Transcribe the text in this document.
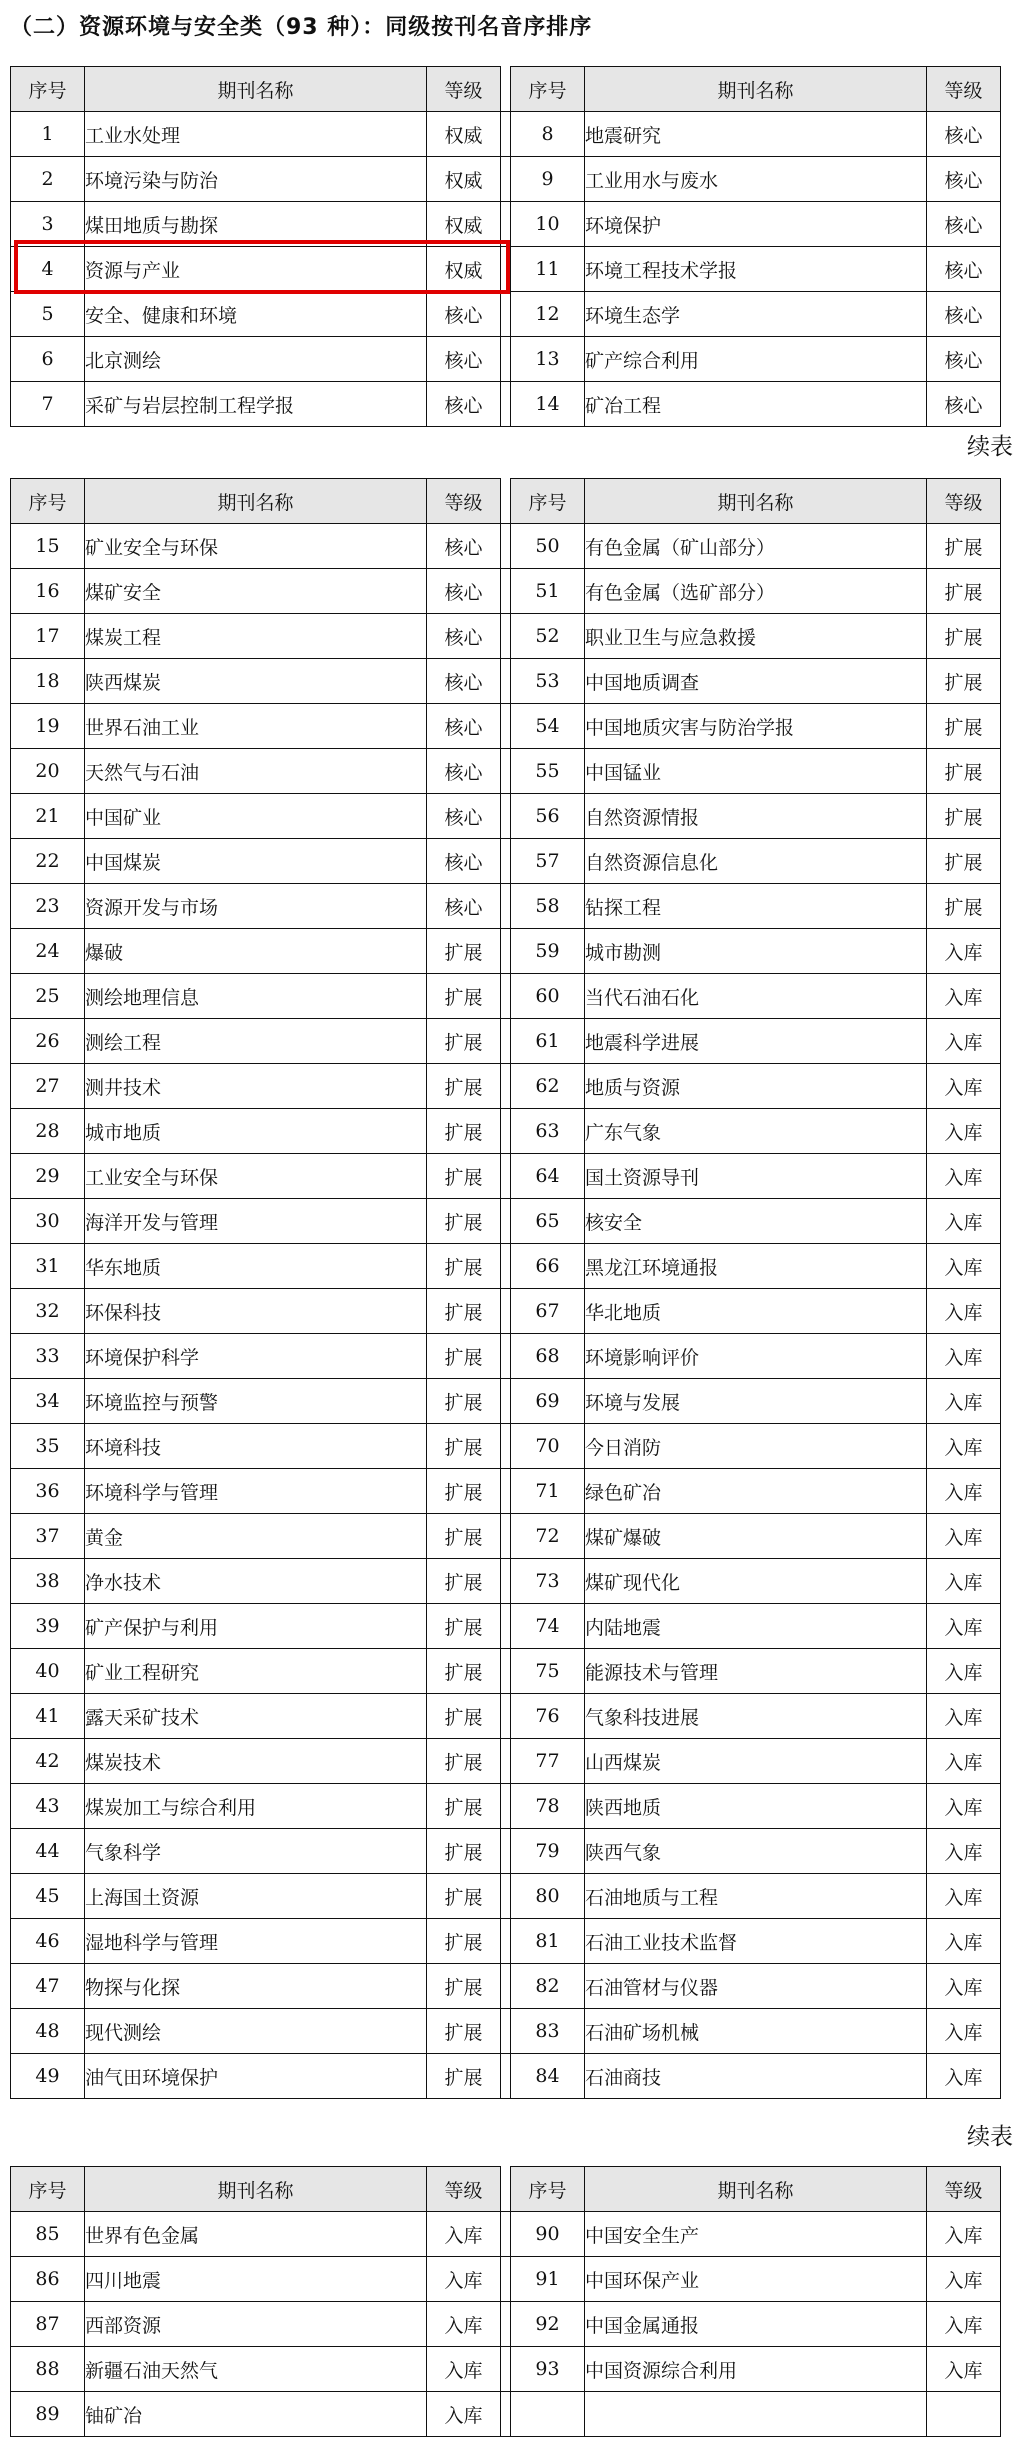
（二）资源环境与安全类（93 种）：同级按刊名音序排序
序号	期刊名称	等级		序号	期刊名称	等级
1	工业水处理	权威		8	地震研究	核心
2	环境污染与防治	权威		9	工业用水与废水	核心
3	煤田地质与勘探	权威		10	环境保护	核心
4	资源与产业	权威		11	环境工程技术学报	核心
5	安全、健康和环境	核心		12	环境生态学	核心
6	北京测绘	核心		13	矿产综合利用	核心
7	采矿与岩层控制工程学报	核心		14	矿冶工程	核心
续表
序号	期刊名称	等级		序号	期刊名称	等级
15	矿业安全与环保	核心		50	有色金属（矿山部分）	扩展
16	煤矿安全	核心		51	有色金属（选矿部分）	扩展
17	煤炭工程	核心		52	职业卫生与应急救援	扩展
18	陕西煤炭	核心		53	中国地质调查	扩展
19	世界石油工业	核心		54	中国地质灾害与防治学报	扩展
20	天然气与石油	核心		55	中国锰业	扩展
21	中国矿业	核心		56	自然资源情报	扩展
22	中国煤炭	核心		57	自然资源信息化	扩展
23	资源开发与市场	核心		58	钻探工程	扩展
24	爆破	扩展		59	城市勘测	入库
25	测绘地理信息	扩展		60	当代石油石化	入库
26	测绘工程	扩展		61	地震科学进展	入库
27	测井技术	扩展		62	地质与资源	入库
28	城市地质	扩展		63	广东气象	入库
29	工业安全与环保	扩展		64	国土资源导刊	入库
30	海洋开发与管理	扩展		65	核安全	入库
31	华东地质	扩展		66	黑龙江环境通报	入库
32	环保科技	扩展		67	华北地质	入库
33	环境保护科学	扩展		68	环境影响评价	入库
34	环境监控与预警	扩展		69	环境与发展	入库
35	环境科技	扩展		70	今日消防	入库
36	环境科学与管理	扩展		71	绿色矿冶	入库
37	黄金	扩展		72	煤矿爆破	入库
38	净水技术	扩展		73	煤矿现代化	入库
39	矿产保护与利用	扩展		74	内陆地震	入库
40	矿业工程研究	扩展		75	能源技术与管理	入库
41	露天采矿技术	扩展		76	气象科技进展	入库
42	煤炭技术	扩展		77	山西煤炭	入库
43	煤炭加工与综合利用	扩展		78	陕西地质	入库
44	气象科学	扩展		79	陕西气象	入库
45	上海国土资源	扩展		80	石油地质与工程	入库
46	湿地科学与管理	扩展		81	石油工业技术监督	入库
47	物探与化探	扩展		82	石油管材与仪器	入库
48	现代测绘	扩展		83	石油矿场机械	入库
49	油气田环境保护	扩展		84	石油商技	入库
续表
序号	期刊名称	等级		序号	期刊名称	等级
85	世界有色金属	入库		90	中国安全生产	入库
86	四川地震	入库		91	中国环保产业	入库
87	西部资源	入库		92	中国金属通报	入库
88	新疆石油天然气	入库		93	中国资源综合利用	入库
89	铀矿冶	入库				
